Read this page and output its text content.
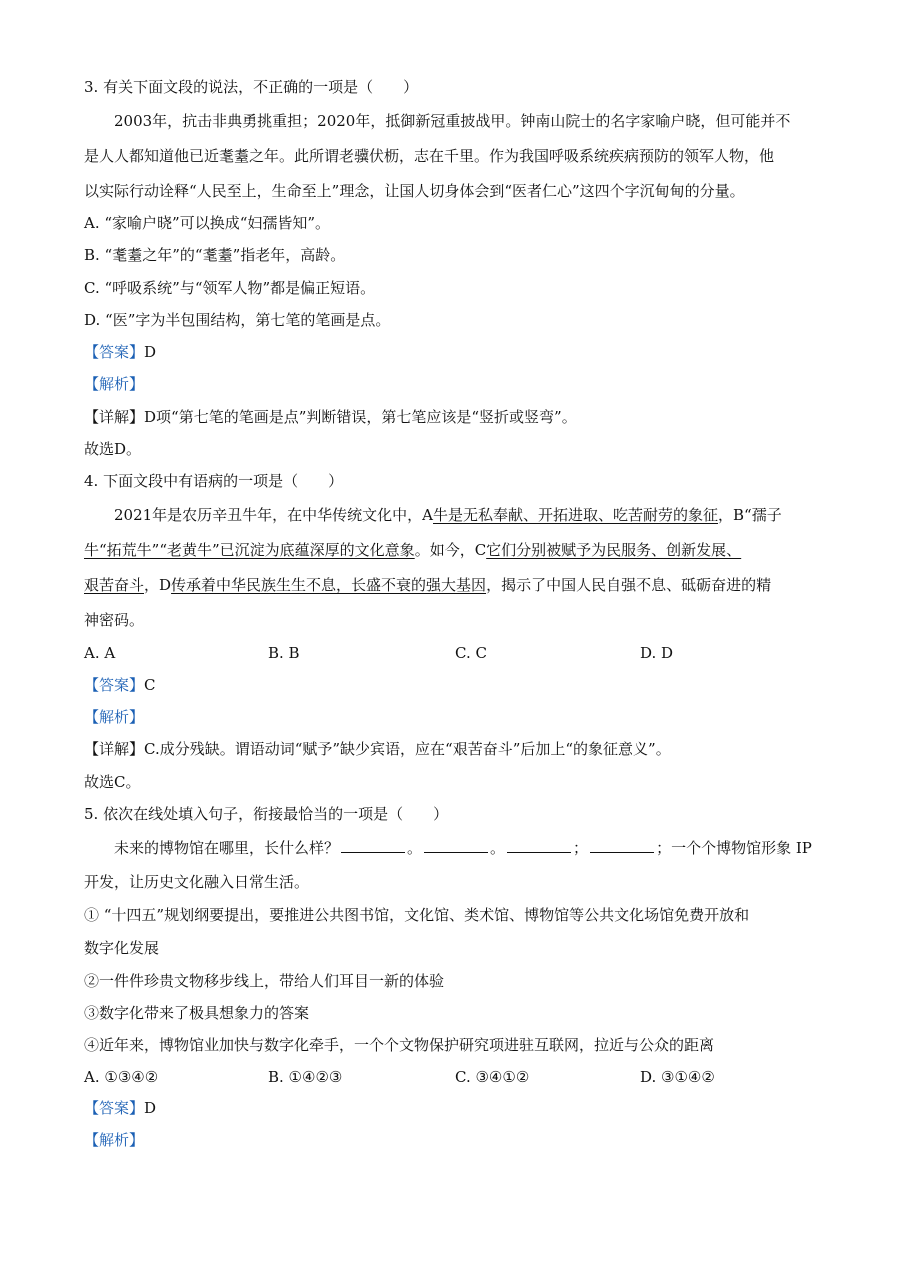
3. 有关下面文段的说法，不正确的一项是（　　）
2003年，抗击非典勇挑重担；2020年，抵御新冠重披战甲。钟南山院士的名字家喻户晓，但可能并不
是人人都知道他已近耄耋之年。此所谓老骥伏枥，志在千里。作为我国呼吸系统疾病预防的领军人物，他
以实际行动诠释“人民至上，生命至上”理念，让国人切身体会到“医者仁心”这四个字沉甸甸的分量。
A. “家喻户晓”可以换成“妇孺皆知”。
B. “耄耋之年”的“耄耋”指老年，高龄。
C. “呼吸系统”与“领军人物”都是偏正短语。
D. “医”字为半包围结构，第七笔的笔画是点。
【答案】D
【解析】
【详解】D项“第七笔的笔画是点”判断错误，第七笔应该是“竖折或竖弯”。
故选D。
4. 下面文段中有语病的一项是（　　）
2021年是农历辛丑牛年，在中华传统文化中，A牛是无私奉献、开拓进取、吃苦耐劳的象征，B“孺子
牛“拓荒牛”“老黄牛”已沉淀为底蕴深厚的文化意象。如今，C它们分别被赋予为民服务、创新发展、
艰苦奋斗，D传承着中华民族生生不息，长盛不衰的强大基因，揭示了中国人民自强不息、砥砺奋进的精
神密码。
A. A	B. B	C. C	D. D
【答案】C
【解析】
【详解】C.成分残缺。谓语动词“赋予”缺少宾语，应在“艰苦奋斗”后加上“的象征意义”。
故选C。
5. 依次在线处填入句子，衔接最恰当的一项是（　　）
未来的博物馆在哪里，长什么样？	。	。	；	；一个个博物馆形象 IP
开发，让历史文化融入日常生活。
① “十四五”规划纲要提出，要推进公共图书馆，文化馆、类术馆、博物馆等公共文化场馆免费开放和
数字化发展
②一件件珍贵文物移步线上，带给人们耳目一新的体验
③数字化带来了极具想象力的答案
④近年来，博物馆业加快与数字化牵手，一个个文物保护研究项进驻互联网，拉近与公众的距离
A. ①③④②	B. ①④②③	C. ③④①②	D. ③①④②
【答案】D
【解析】
